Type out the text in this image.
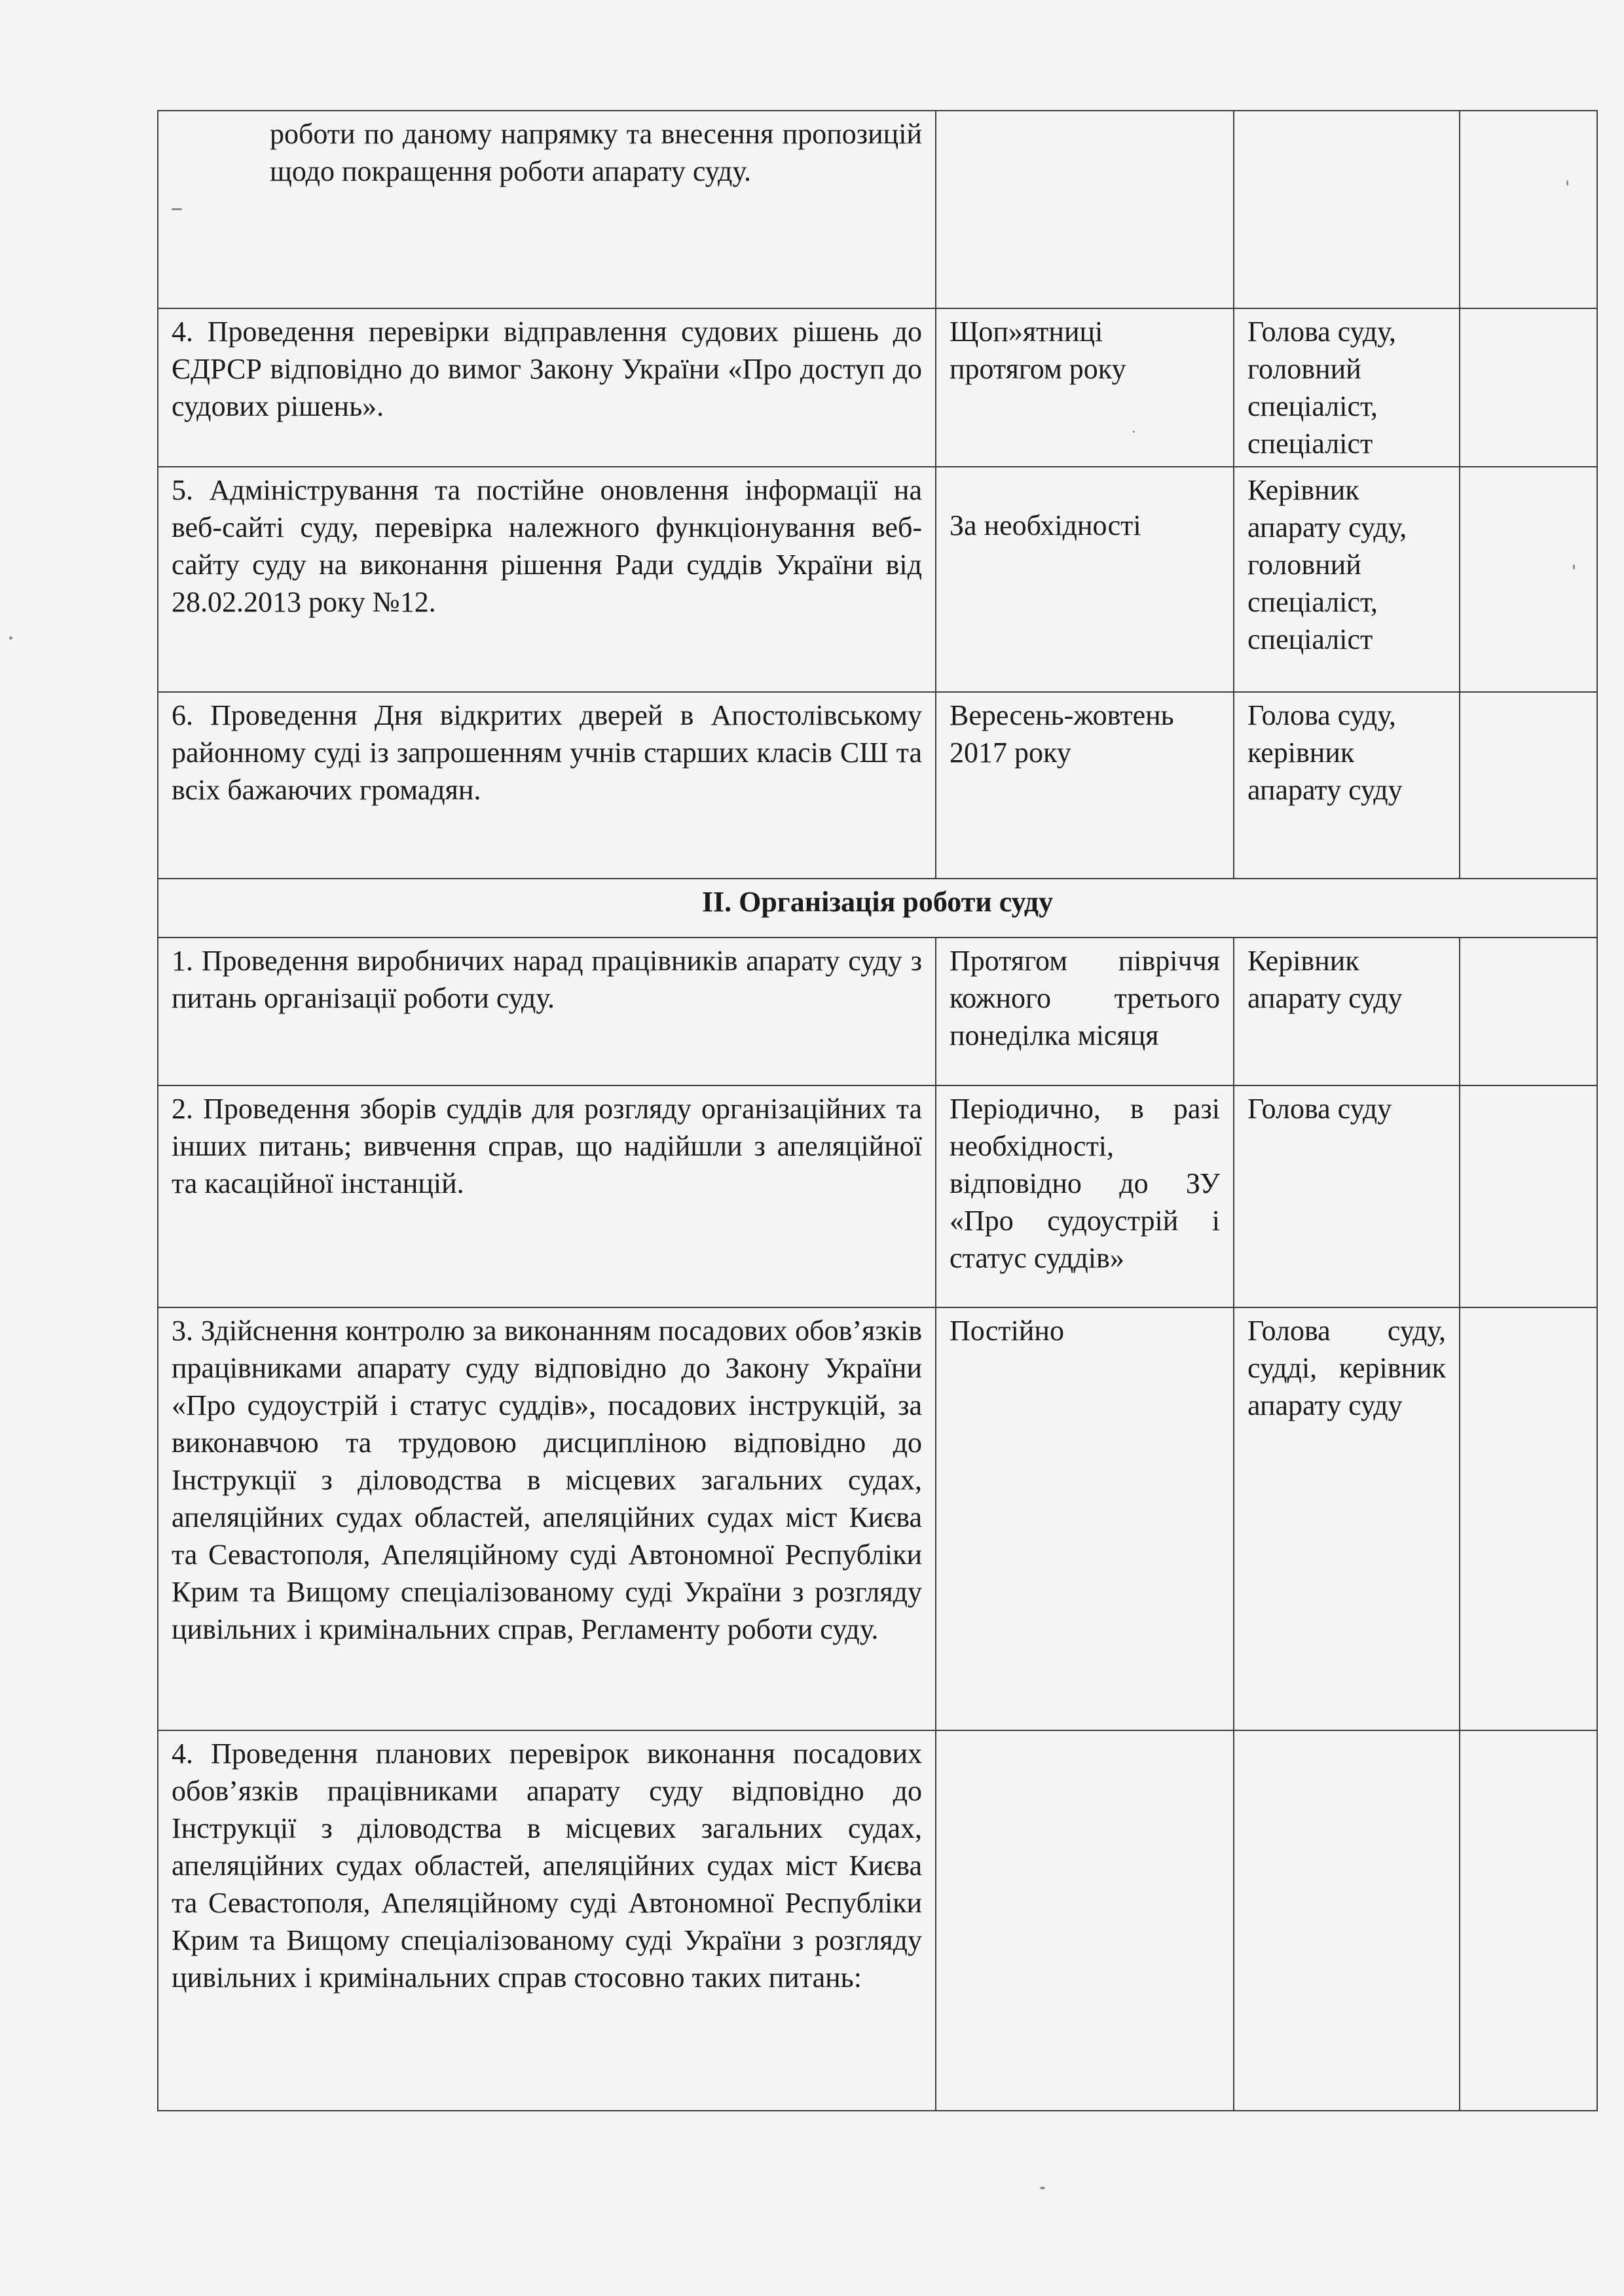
роботи по даному напрямку та внесення пропозицій щодо покращення роботи апарату суду.			
4. Проведення перевірки відправлення судових рішень до ЄДРСР відповідно до вимог Закону України «Про доступ до судових рішень».	Щоп»ятниці протягом року	Голова суду, головний спеціаліст, спеціаліст	
5. Адміністрування та постійне оновлення інформації на веб-сайті суду, перевірка належного функціонування веб-сайту суду на виконання рішення Ради суддів України від 28.02.2013 року №12.	За необхідності	Керівник апарату суду, головний спеціаліст, спеціаліст	
6. Проведення Дня відкритих дверей в Апостолівському районному суді із запрошенням учнів старших класів СШ та всіх бажаючих громадян.	Вересень-жовтень 2017 року	Голова суду, керівник апарату суду	
ІІ. Організація роботи суду			
1. Проведення виробничих нарад працівників апарату суду з питань організації роботи суду.	Протягом півріччя кожного третього понеділка місяця	Керівник апарату суду	
2. Проведення зборів суддів для розгляду організаційних та інших питань; вивчення справ, що надійшли з апеляційної та касаційної інстанцій.	Періодично, в разі необхідності, відповідно до ЗУ «Про судоустрій і статус суддів»	Голова суду	
3. Здійснення контролю за виконанням посадових обов’язків працівниками апарату суду відповідно до Закону України «Про судоустрій і статус суддів», посадових інструкцій, за виконавчою та трудовою дисципліною відповідно до Інструкції з діловодства в місцевих загальних судах, апеляційних судах областей, апеляційних судах міст Києва та Севастополя, Апеляційному суді Автономної Республіки Крим та Вищому спеціалізованому суді України з розгляду цивільних і кримінальних справ, Регламенту роботи суду.	Постійно	Голова суду, судді, керівник апарату суду	
4. Проведення планових перевірок виконання посадових обов’язків працівниками апарату суду відповідно до Інструкції з діловодства в місцевих загальних судах, апеляційних судах областей, апеляційних судах міст Києва та Севастополя, Апеляційному суді Автономної Республіки Крим та Вищому спеціалізованому суді України з розгляду цивільних і кримінальних справ стосовно таких питань:			
